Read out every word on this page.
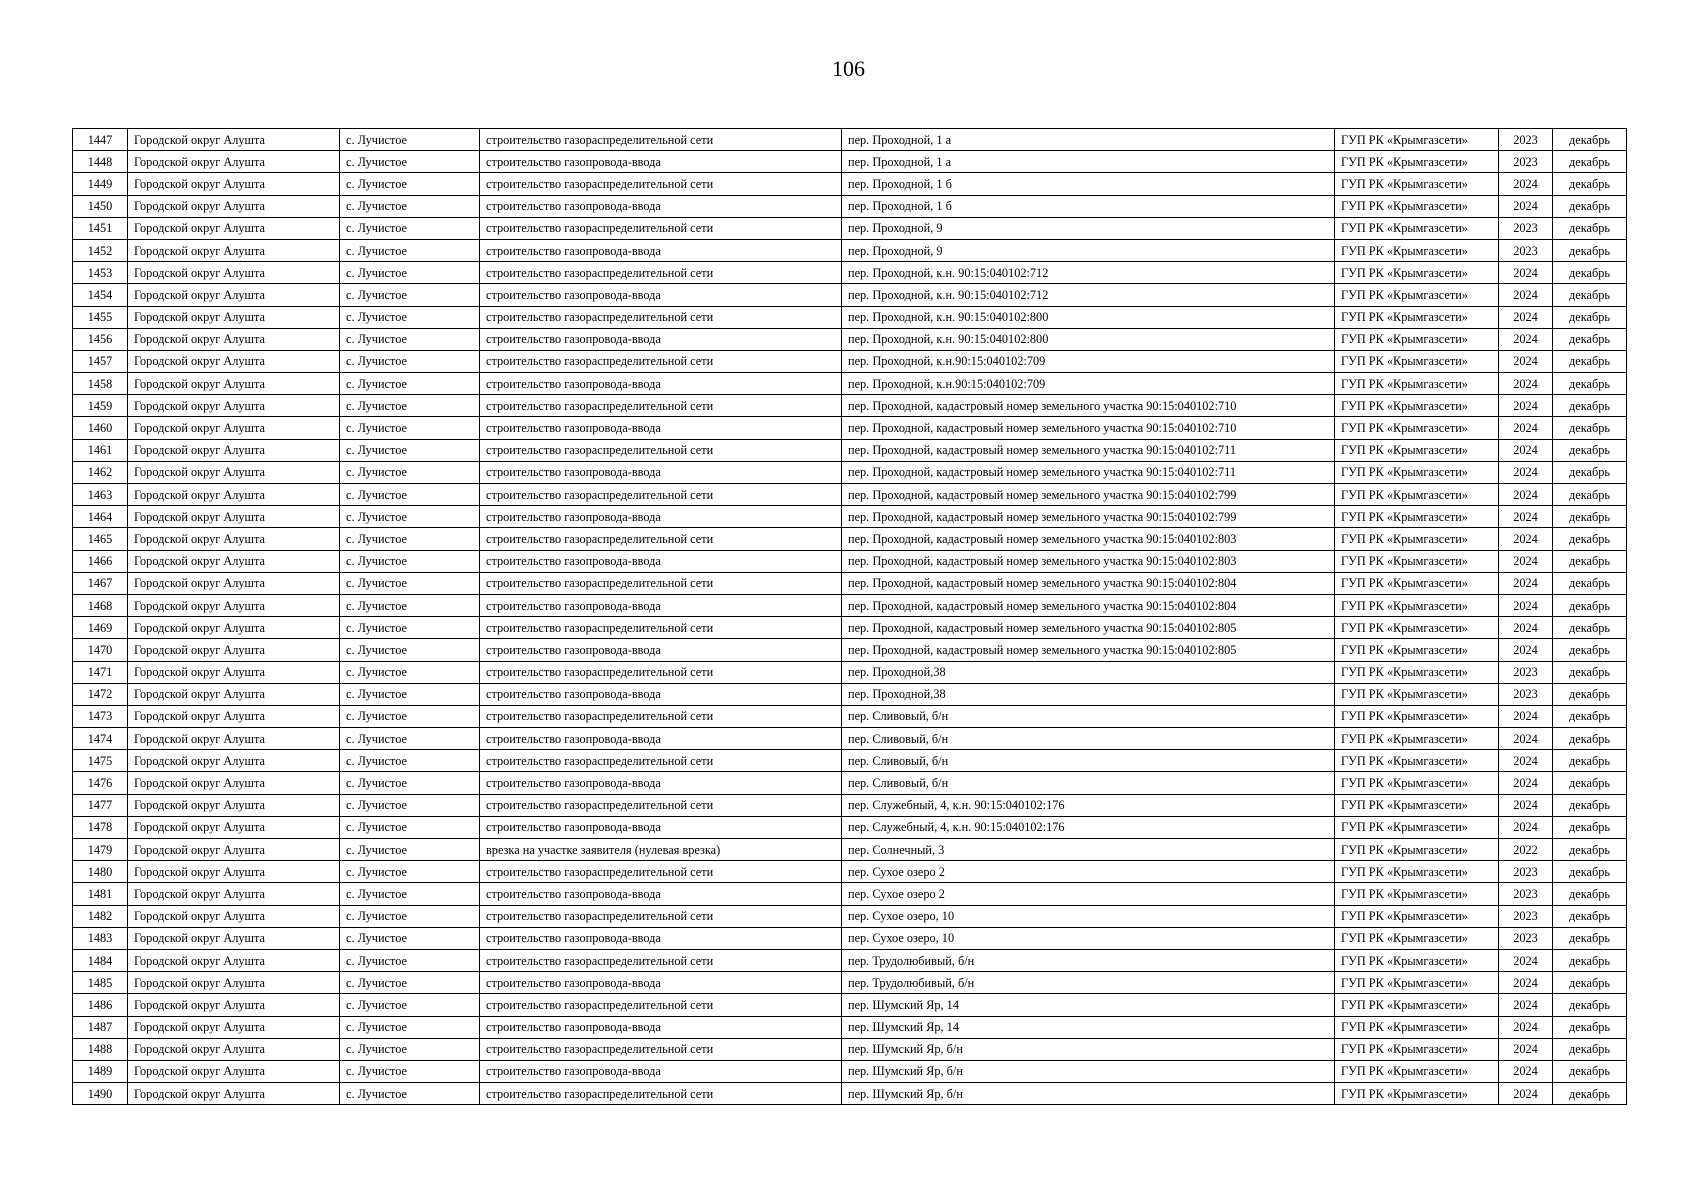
106
1447	Городской округ Алушта	с. Лучистое	строительство газораспределительной сети	пер. Проходной, 1 а	ГУП РК «Крымгазсети»	2023	декабрь
1448	Городской округ Алушта	с. Лучистое	строительство газопровода-ввода	пер. Проходной, 1 а	ГУП РК «Крымгазсети»	2023	декабрь
1449	Городской округ Алушта	с. Лучистое	строительство газораспределительной сети	пер. Проходной, 1 б	ГУП РК «Крымгазсети»	2024	декабрь
1450	Городской округ Алушта	с. Лучистое	строительство газопровода-ввода	пер. Проходной, 1 б	ГУП РК «Крымгазсети»	2024	декабрь
1451	Городской округ Алушта	с. Лучистое	строительство газораспределительной сети	пер. Проходной, 9	ГУП РК «Крымгазсети»	2023	декабрь
1452	Городской округ Алушта	с. Лучистое	строительство газопровода-ввода	пер. Проходной, 9	ГУП РК «Крымгазсети»	2023	декабрь
1453	Городской округ Алушта	с. Лучистое	строительство газораспределительной сети	пер. Проходной, к.н. 90:15:040102:712	ГУП РК «Крымгазсети»	2024	декабрь
1454	Городской округ Алушта	с. Лучистое	строительство газопровода-ввода	пер. Проходной, к.н. 90:15:040102:712	ГУП РК «Крымгазсети»	2024	декабрь
1455	Городской округ Алушта	с. Лучистое	строительство газораспределительной сети	пер. Проходной, к.н. 90:15:040102:800	ГУП РК «Крымгазсети»	2024	декабрь
1456	Городской округ Алушта	с. Лучистое	строительство газопровода-ввода	пер. Проходной, к.н. 90:15:040102:800	ГУП РК «Крымгазсети»	2024	декабрь
1457	Городской округ Алушта	с. Лучистое	строительство газораспределительной сети	пер. Проходной, к.н.90:15:040102:709	ГУП РК «Крымгазсети»	2024	декабрь
1458	Городской округ Алушта	с. Лучистое	строительство газопровода-ввода	пер. Проходной, к.н.90:15:040102:709	ГУП РК «Крымгазсети»	2024	декабрь
1459	Городской округ Алушта	с. Лучистое	строительство газораспределительной сети	пер. Проходной, кадастровый номер земельного участка 90:15:040102:710	ГУП РК «Крымгазсети»	2024	декабрь
1460	Городской округ Алушта	с. Лучистое	строительство газопровода-ввода	пер. Проходной, кадастровый номер земельного участка 90:15:040102:710	ГУП РК «Крымгазсети»	2024	декабрь
1461	Городской округ Алушта	с. Лучистое	строительство газораспределительной сети	пер. Проходной, кадастровый номер земельного участка 90:15:040102:711	ГУП РК «Крымгазсети»	2024	декабрь
1462	Городской округ Алушта	с. Лучистое	строительство газопровода-ввода	пер. Проходной, кадастровый номер земельного участка 90:15:040102:711	ГУП РК «Крымгазсети»	2024	декабрь
1463	Городской округ Алушта	с. Лучистое	строительство газораспределительной сети	пер. Проходной, кадастровый номер земельного участка 90:15:040102:799	ГУП РК «Крымгазсети»	2024	декабрь
1464	Городской округ Алушта	с. Лучистое	строительство газопровода-ввода	пер. Проходной, кадастровый номер земельного участка 90:15:040102:799	ГУП РК «Крымгазсети»	2024	декабрь
1465	Городской округ Алушта	с. Лучистое	строительство газораспределительной сети	пер. Проходной, кадастровый номер земельного участка 90:15:040102:803	ГУП РК «Крымгазсети»	2024	декабрь
1466	Городской округ Алушта	с. Лучистое	строительство газопровода-ввода	пер. Проходной, кадастровый номер земельного участка 90:15:040102:803	ГУП РК «Крымгазсети»	2024	декабрь
1467	Городской округ Алушта	с. Лучистое	строительство газораспределительной сети	пер. Проходной, кадастровый номер земельного участка 90:15:040102:804	ГУП РК «Крымгазсети»	2024	декабрь
1468	Городской округ Алушта	с. Лучистое	строительство газопровода-ввода	пер. Проходной, кадастровый номер земельного участка 90:15:040102:804	ГУП РК «Крымгазсети»	2024	декабрь
1469	Городской округ Алушта	с. Лучистое	строительство газораспределительной сети	пер. Проходной, кадастровый номер земельного участка 90:15:040102:805	ГУП РК «Крымгазсети»	2024	декабрь
1470	Городской округ Алушта	с. Лучистое	строительство газопровода-ввода	пер. Проходной, кадастровый номер земельного участка 90:15:040102:805	ГУП РК «Крымгазсети»	2024	декабрь
1471	Городской округ Алушта	с. Лучистое	строительство газораспределительной сети	пер. Проходной,38	ГУП РК «Крымгазсети»	2023	декабрь
1472	Городской округ Алушта	с. Лучистое	строительство газопровода-ввода	пер. Проходной,38	ГУП РК «Крымгазсети»	2023	декабрь
1473	Городской округ Алушта	с. Лучистое	строительство газораспределительной сети	пер. Сливовый, б/н	ГУП РК «Крымгазсети»	2024	декабрь
1474	Городской округ Алушта	с. Лучистое	строительство газопровода-ввода	пер. Сливовый, б/н	ГУП РК «Крымгазсети»	2024	декабрь
1475	Городской округ Алушта	с. Лучистое	строительство газораспределительной сети	пер. Сливовый, б/н	ГУП РК «Крымгазсети»	2024	декабрь
1476	Городской округ Алушта	с. Лучистое	строительство газопровода-ввода	пер. Сливовый, б/н	ГУП РК «Крымгазсети»	2024	декабрь
1477	Городской округ Алушта	с. Лучистое	строительство газораспределительной сети	пер. Служебный, 4, к.н. 90:15:040102:176	ГУП РК «Крымгазсети»	2024	декабрь
1478	Городской округ Алушта	с. Лучистое	строительство газопровода-ввода	пер. Служебный, 4, к.н. 90:15:040102:176	ГУП РК «Крымгазсети»	2024	декабрь
1479	Городской округ Алушта	с. Лучистое	врезка на участке заявителя (нулевая врезка)	пер. Солнечный, 3	ГУП РК «Крымгазсети»	2022	декабрь
1480	Городской округ Алушта	с. Лучистое	строительство газораспределительной сети	пер. Сухое озеро 2	ГУП РК «Крымгазсети»	2023	декабрь
1481	Городской округ Алушта	с. Лучистое	строительство газопровода-ввода	пер. Сухое озеро 2	ГУП РК «Крымгазсети»	2023	декабрь
1482	Городской округ Алушта	с. Лучистое	строительство газораспределительной сети	пер. Сухое озеро, 10	ГУП РК «Крымгазсети»	2023	декабрь
1483	Городской округ Алушта	с. Лучистое	строительство газопровода-ввода	пер. Сухое озеро, 10	ГУП РК «Крымгазсети»	2023	декабрь
1484	Городской округ Алушта	с. Лучистое	строительство газораспределительной сети	пер. Трудолюбивый, б/н	ГУП РК «Крымгазсети»	2024	декабрь
1485	Городской округ Алушта	с. Лучистое	строительство газопровода-ввода	пер. Трудолюбивый, б/н	ГУП РК «Крымгазсети»	2024	декабрь
1486	Городской округ Алушта	с. Лучистое	строительство газораспределительной сети	пер. Шумский Яр, 14	ГУП РК «Крымгазсети»	2024	декабрь
1487	Городской округ Алушта	с. Лучистое	строительство газопровода-ввода	пер. Шумский Яр, 14	ГУП РК «Крымгазсети»	2024	декабрь
1488	Городской округ Алушта	с. Лучистое	строительство газораспределительной сети	пер. Шумский Яр, б/н	ГУП РК «Крымгазсети»	2024	декабрь
1489	Городской округ Алушта	с. Лучистое	строительство газопровода-ввода	пер. Шумский Яр, б/н	ГУП РК «Крымгазсети»	2024	декабрь
1490	Городской округ Алушта	с. Лучистое	строительство газораспределительной сети	пер. Шумский Яр, б/н	ГУП РК «Крымгазсети»	2024	декабрь
